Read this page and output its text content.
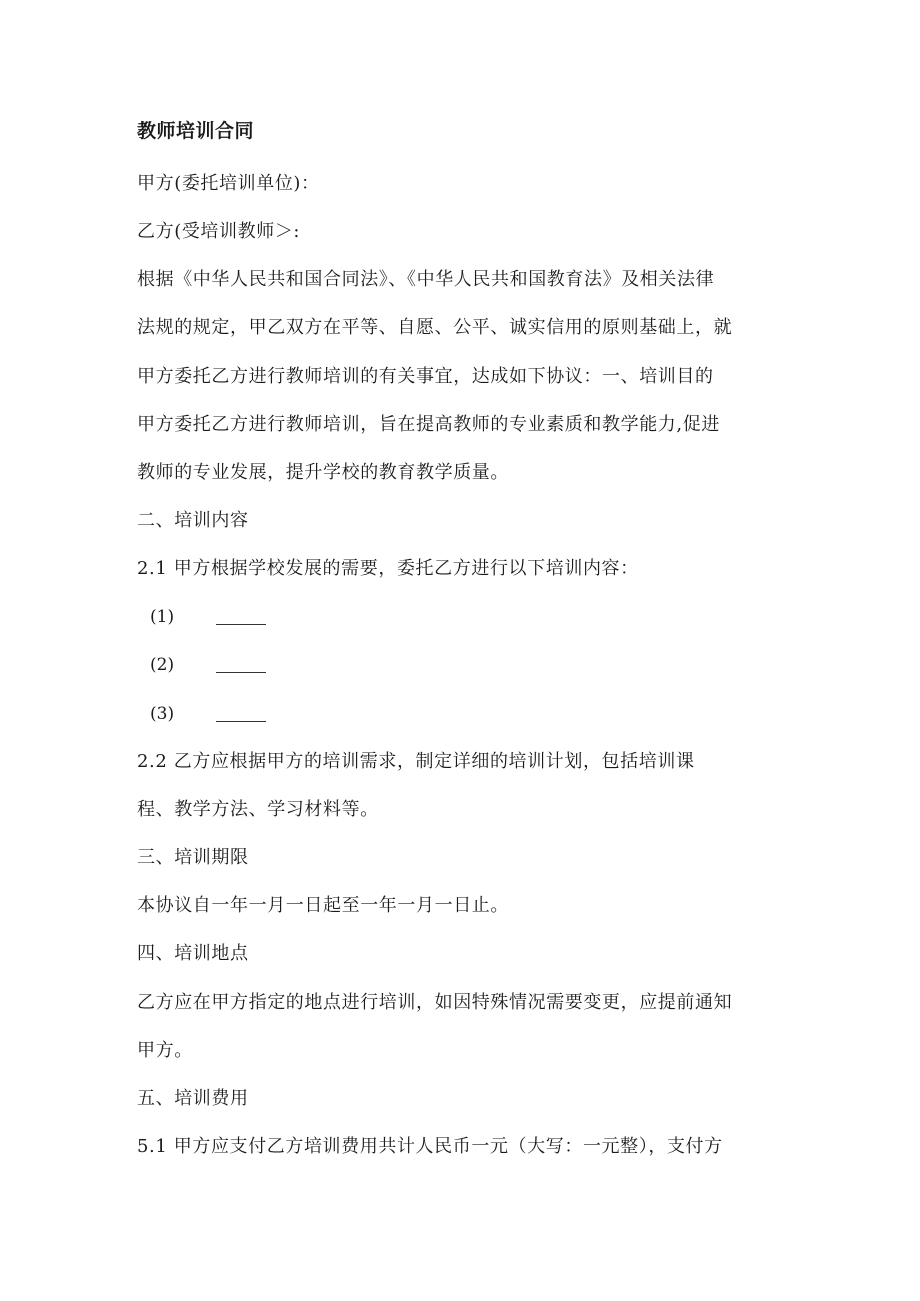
教师培训合同
甲方(委托培训单位)：
乙方(受培训教师＞:
根据《中华人民共和国合同法》、《中华人民共和国教育法》及相关法律
法规的规定，甲乙双方在平等、自愿、公平、诚实信用的原则基础上，就
甲方委托乙方进行教师培训的有关事宜，达成如下协议：一、培训目的
甲方委托乙方进行教师培训，旨在提高教师的专业素质和教学能力,促进
教师的专业发展，提升学校的教育教学质量。
二、培训内容
2.1 甲方根据学校发展的需要，委托乙方进行以下培训内容：
(1)
(2)
(3)
2.2 乙方应根据甲方的培训需求，制定详细的培训计划，包括培训课
程、教学方法、学习材料等。
三、培训期限
本协议自一年一月一日起至一年一月一日止。
四、培训地点
乙方应在甲方指定的地点进行培训，如因特殊情况需要变更，应提前通知
甲方。
五、培训费用
5.1 甲方应支付乙方培训费用共计人民币一元（大写：一元整），支付方
